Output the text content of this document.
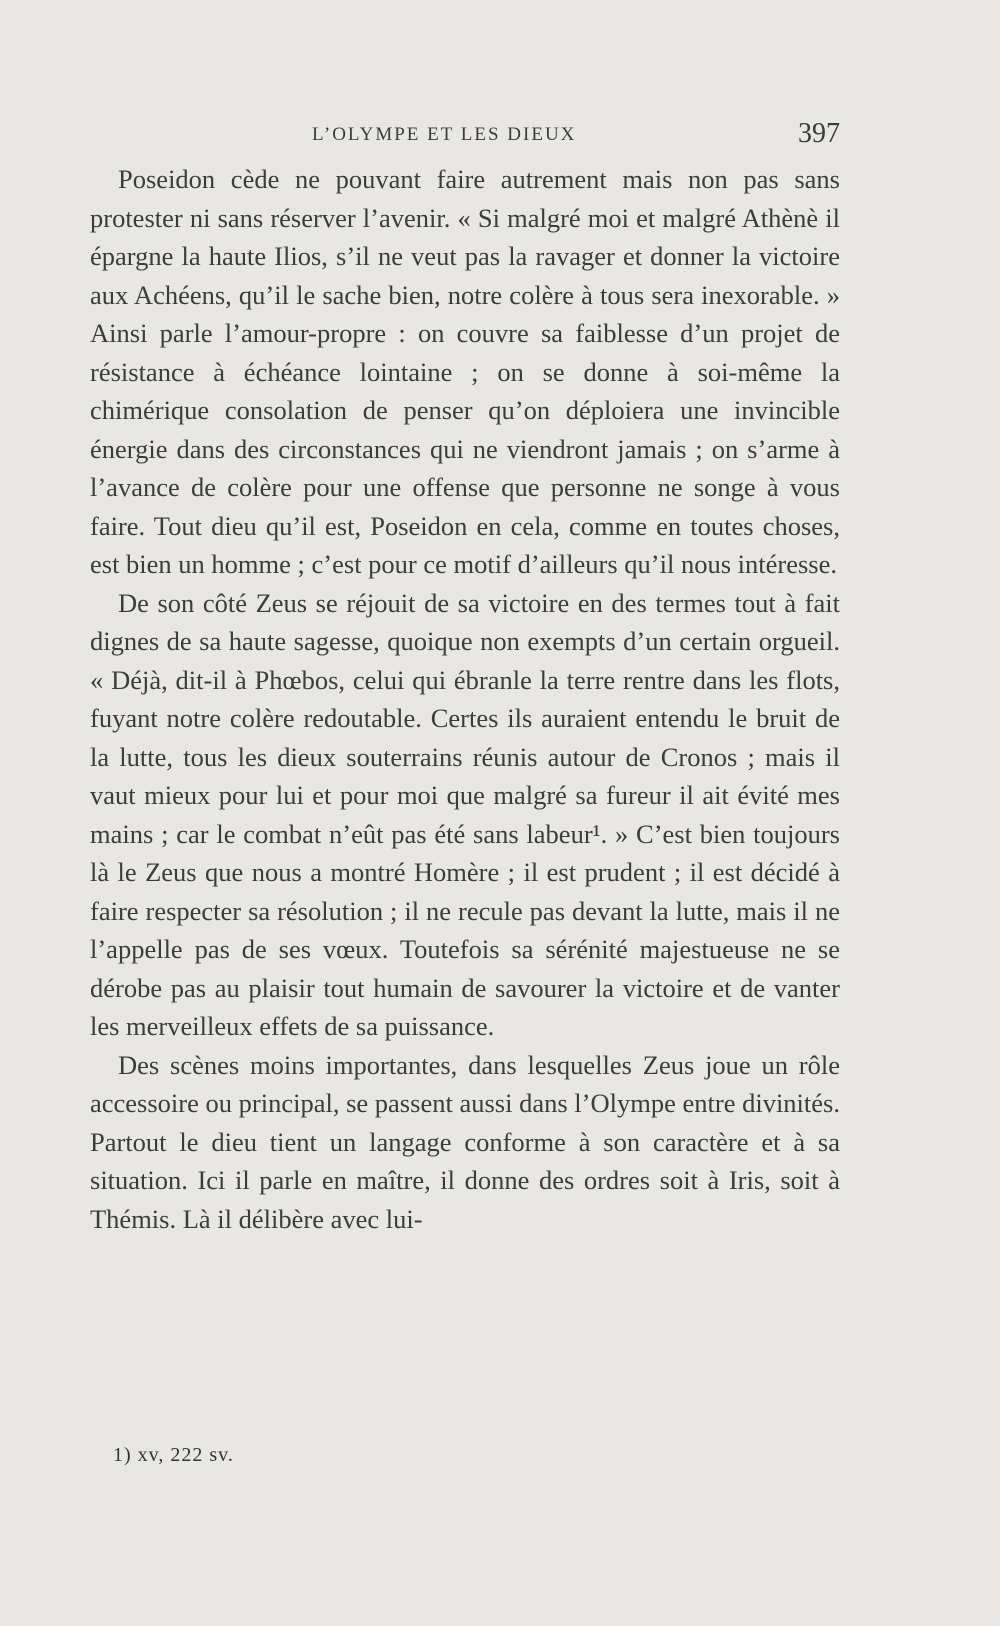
L’OLYMPE ET LES DIEUX	397

Poseidon cède ne pouvant faire autrement mais non pas sans protester ni sans réserver l’avenir. « Si malgré moi et malgré Athènè il épargne la haute Ilios, s’il ne veut pas la ravager et donner la victoire aux Achéens, qu’il le sache bien, notre colère à tous sera inexorable. » Ainsi parle l’amour-propre : on couvre sa faiblesse d’un projet de résistance à échéance lointaine ; on se donne à soi-même la chimérique consolation de penser qu’on déploiera une invincible énergie dans des circonstances qui ne viendront jamais ; on s’arme à l’avance de colère pour une offense que personne ne songe à vous faire. Tout dieu qu’il est, Poseidon en cela, comme en toutes choses, est bien un homme ; c’est pour ce motif d’ailleurs qu’il nous intéresse.

De son côté Zeus se réjouit de sa victoire en des termes tout à fait dignes de sa haute sagesse, quoique non exempts d’un certain orgueil. « Déjà, dit-il à Phœbos, celui qui ébranle la terre rentre dans les flots, fuyant notre colère redoutable. Certes ils auraient entendu le bruit de la lutte, tous les dieux souterrains réunis autour de Cronos ; mais il vaut mieux pour lui et pour moi que malgré sa fureur il ait évité mes mains ; car le combat n’eût pas été sans labeur¹. » C’est bien toujours là le Zeus que nous a montré Homère ; il est prudent ; il est décidé à faire respecter sa résolution ; il ne recule pas devant la lutte, mais il ne l’appelle pas de ses vœux. Toutefois sa sérénité majestueuse ne se dérobe pas au plaisir tout humain de savourer la victoire et de vanter les merveilleux effets de sa puissance.

Des scènes moins importantes, dans lesquelles Zeus joue un rôle accessoire ou principal, se passent aussi dans l’Olympe entre divinités. Partout le dieu tient un langage conforme à son caractère et à sa situation. Ici il parle en maître, il donne des ordres soit à Iris, soit à Thémis. Là il délibère avec lui-

1) xv, 222 sv.
